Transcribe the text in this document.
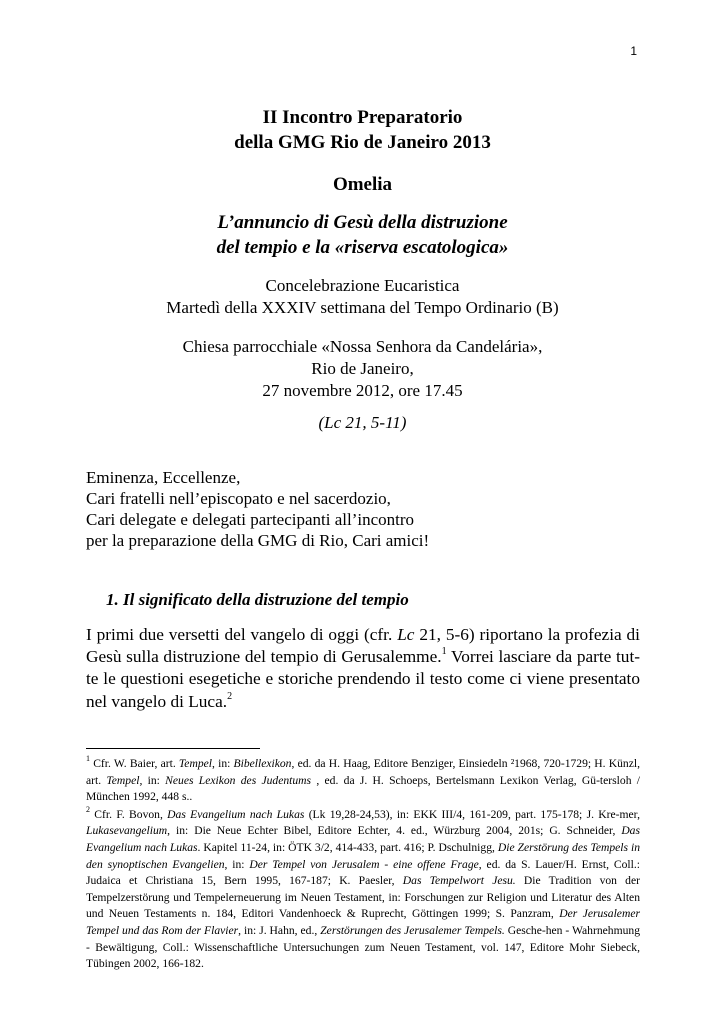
1
II Incontro Preparatorio
della GMG Rio de Janeiro 2013
Omelia
L’annuncio di Gesù della distruzione
del tempio e la «riserva escatologica»
Concelebrazione Eucaristica
Martedì della XXXIV settimana del Tempo Ordinario (B)
Chiesa parrocchiale «Nossa Senhora da Candelária»,
Rio de Janeiro,
27 novembre 2012, ore 17.45
(Lc 21, 5-11)
Eminenza, Eccellenze,
Cari fratelli nell’episcopato e nel sacerdozio,
Cari delegate e delegati partecipanti all’incontro
per la preparazione della GMG di Rio, Cari amici!
1. Il significato della distruzione del tempio
I primi due versetti del vangelo di oggi (cfr. Lc 21, 5-6) riportano la profezia di Gesù sulla distruzione del tempio di Gerusalemme.$^1$ Vorrei lasciare da parte tut-te le questioni esegetiche e storiche prendendo il testo come ci viene presentato nel vangelo di Luca.$^2$
$^1$ Cfr. W. Baier, art. Tempel, in: Bibellexikon, ed. da H. Haag, Editore Benziger, Einsiedeln ²1968, 720-1729; H. Künzl, art. Tempel, in: Neues Lexikon des Judentums , ed. da J. H. Schoeps, Bertelsmann Lexikon Verlag, Gü-tersloh / München 1992, 448 s..
$^2$ Cfr. F. Bovon, Das Evangelium nach Lukas (Lk 19,28-24,53), in: EKK III/4, 161-209, part. 175-178; J. Kre-mer, Lukasevangelium, in: Die Neue Echter Bibel, Editore Echter, 4. ed., Würzburg 2004, 201s; G. Schneider, Das Evangelium nach Lukas. Kapitel 11-24, in: ÖTK 3/2, 414-433, part. 416; P. Dschulnigg, Die Zerstörung des Tempels in den synoptischen Evangelien, in: Der Tempel von Jerusalem - eine offene Frage, ed. da S. Lauer/H. Ernst, Coll.: Judaica et Christiana 15, Bern 1995, 167-187; K. Paesler, Das Tempelwort Jesu. Die Tradition von der Tempelzerstörung und Tempelerneuerung im Neuen Testament, in: Forschungen zur Religion und Literatur des Alten und Neuen Testaments n. 184, Editori Vandenhoeck & Ruprecht, Göttingen 1999; S. Panzram, Der Jerusalemer Tempel und das Rom der Flavier, in: J. Hahn, ed., Zerstörungen des Jerusalemer Tempels. Gesche-hen - Wahrnehmung - Bewältigung, Coll.: Wissenschaftliche Untersuchungen zum Neuen Testament, vol. 147, Editore Mohr Siebeck, Tübingen 2002, 166-182.
